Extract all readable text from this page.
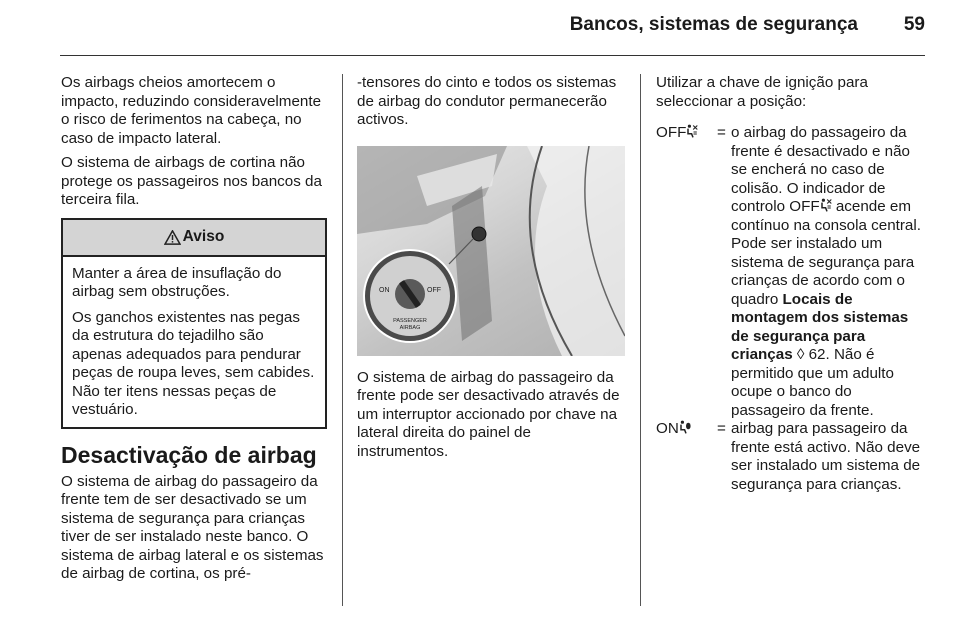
Bancos, sistemas de segurança 59

Os airbags cheios amortecem o impacto, reduzindo consideravelmente o risco de ferimentos na cabeça, no caso de impacto lateral.

O sistema de airbags de cortina não protege os passageiros nos bancos da terceira fila.

Aviso

Manter a área de insuflação do airbag sem obstruções.

Os ganchos existentes nas pegas da estrutura do tejadilho são apenas adequados para pendurar peças de roupa leves, sem cabides. Não ter itens nessas peças de vestuário.

Desactivação de airbag

O sistema de airbag do passageiro da frente tem de ser desactivado se um sistema de segurança para crianças tiver de ser instalado neste banco. O sistema de airbag lateral e os sistemas de airbag de cortina, os pré-

-tensores do cinto e todos os sistemas de airbag do condutor permanecerão activos.

ON	OFF
PASSENGER
AIRBAG

O sistema de airbag do passageiro da frente pode ser desactivado através de um interruptor accionado por chave na lateral direita do painel de instrumentos.

Utilizar a chave de ignição para seleccionar a posição:

OFF	= o airbag do passageiro da frente é desactivado e não se encherá no caso de colisão. O indicador de controlo OFF acende em contínuo na consola central. Pode ser instalado um sistema de segurança para crianças de acordo com o quadro Locais de montagem dos sistemas de segurança para crianças ◊ 62. Não é permitido que um adulto ocupe o banco do passageiro da frente.
ON	= airbag para passageiro da frente está activo. Não deve ser instalado um sistema de segurança para crianças.
